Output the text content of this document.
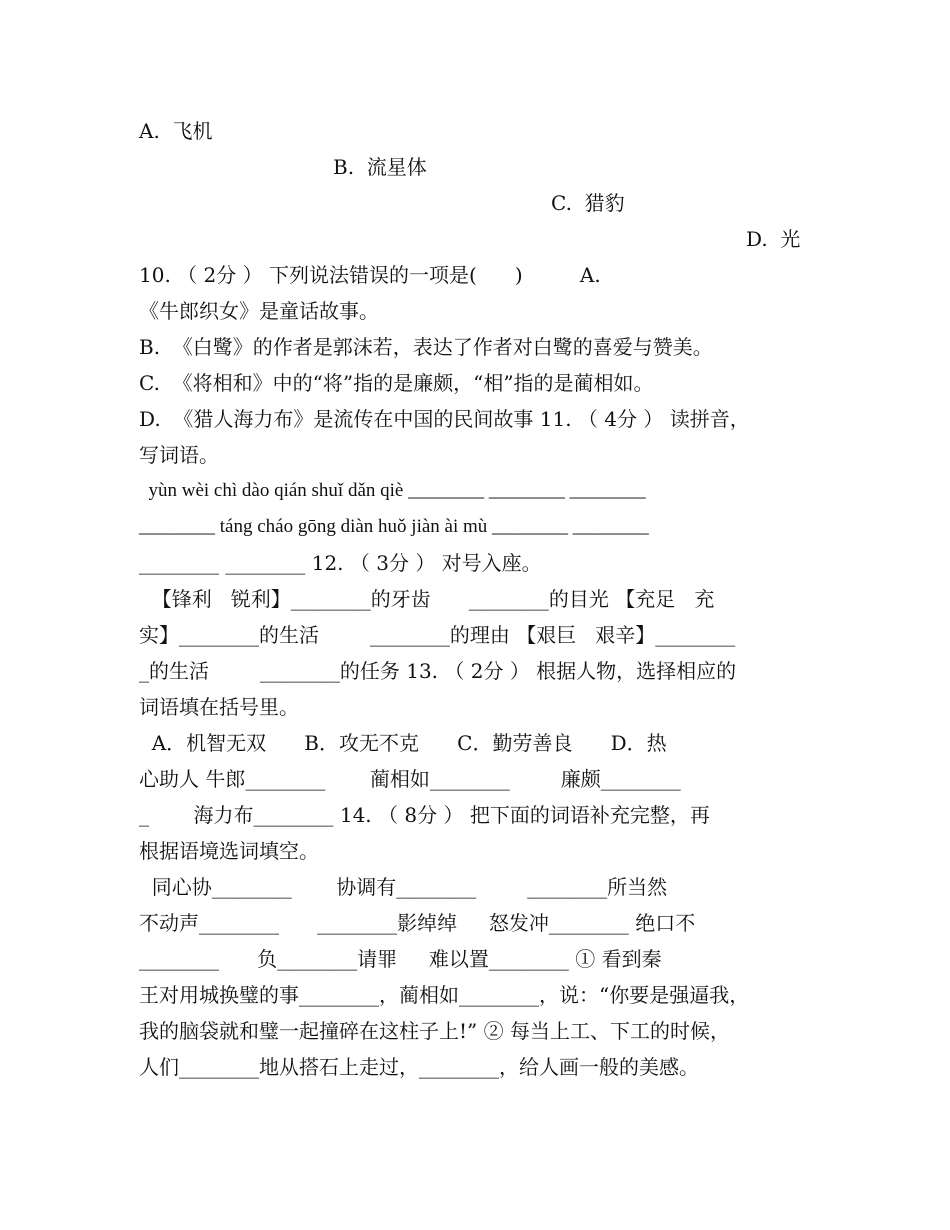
A.  飞机
B.  流星体
C.  猎豹
D.  光
10. （ 2分 ） 下列说法错误的一项是(      )         A.
《牛郎织女》是童话故事。
B.  《白鹭》的作者是郭沫若，表达了作者对白鹭的喜爱与赞美。
C.  《将相和》中的“将”指的是廉颇，“相”指的是蔺相如。
D.  《猎人海力布》是流传在中国的民间故事 11. （ 4分 ） 读拼音，
写词语。
yùn wèi chì dào qián shuǐ dǎn qiè ________ ________ ________
________ táng cháo gōng diàn huǒ jiàn ài mù ________ ________
________ ________ 12. （ 3分 ） 对号入座。
【锋利   锐利】________的牙齿      ________的目光 【充足   充
实】________的生活        ________的理由 【艰巨   艰辛】________
_的生活        ________的任务 13. （ 2分 ） 根据人物，选择相应的
词语填在括号里。
A．机智无双      B．攻无不克      C．勤劳善良      D．热
心助人 牛郎________       蔺相如________        廉颇________
_       海力布________ 14. （ 8分 ） 把下面的词语补充完整，再
根据语境选词填空。
同心协________       协调有________        ________所当然
不动声________      ________影绰绰     怒发冲________ 绝口不
________      负________请罪     难以置________ ① 看到秦
王对用城换璧的事________，蔺相如________，说：“你要是强逼我，
我的脑袋就和璧一起撞碎在这柱子上!” ② 每当上工、下工的时候，
人们________地从搭石上走过，________，给人画一般的美感。
